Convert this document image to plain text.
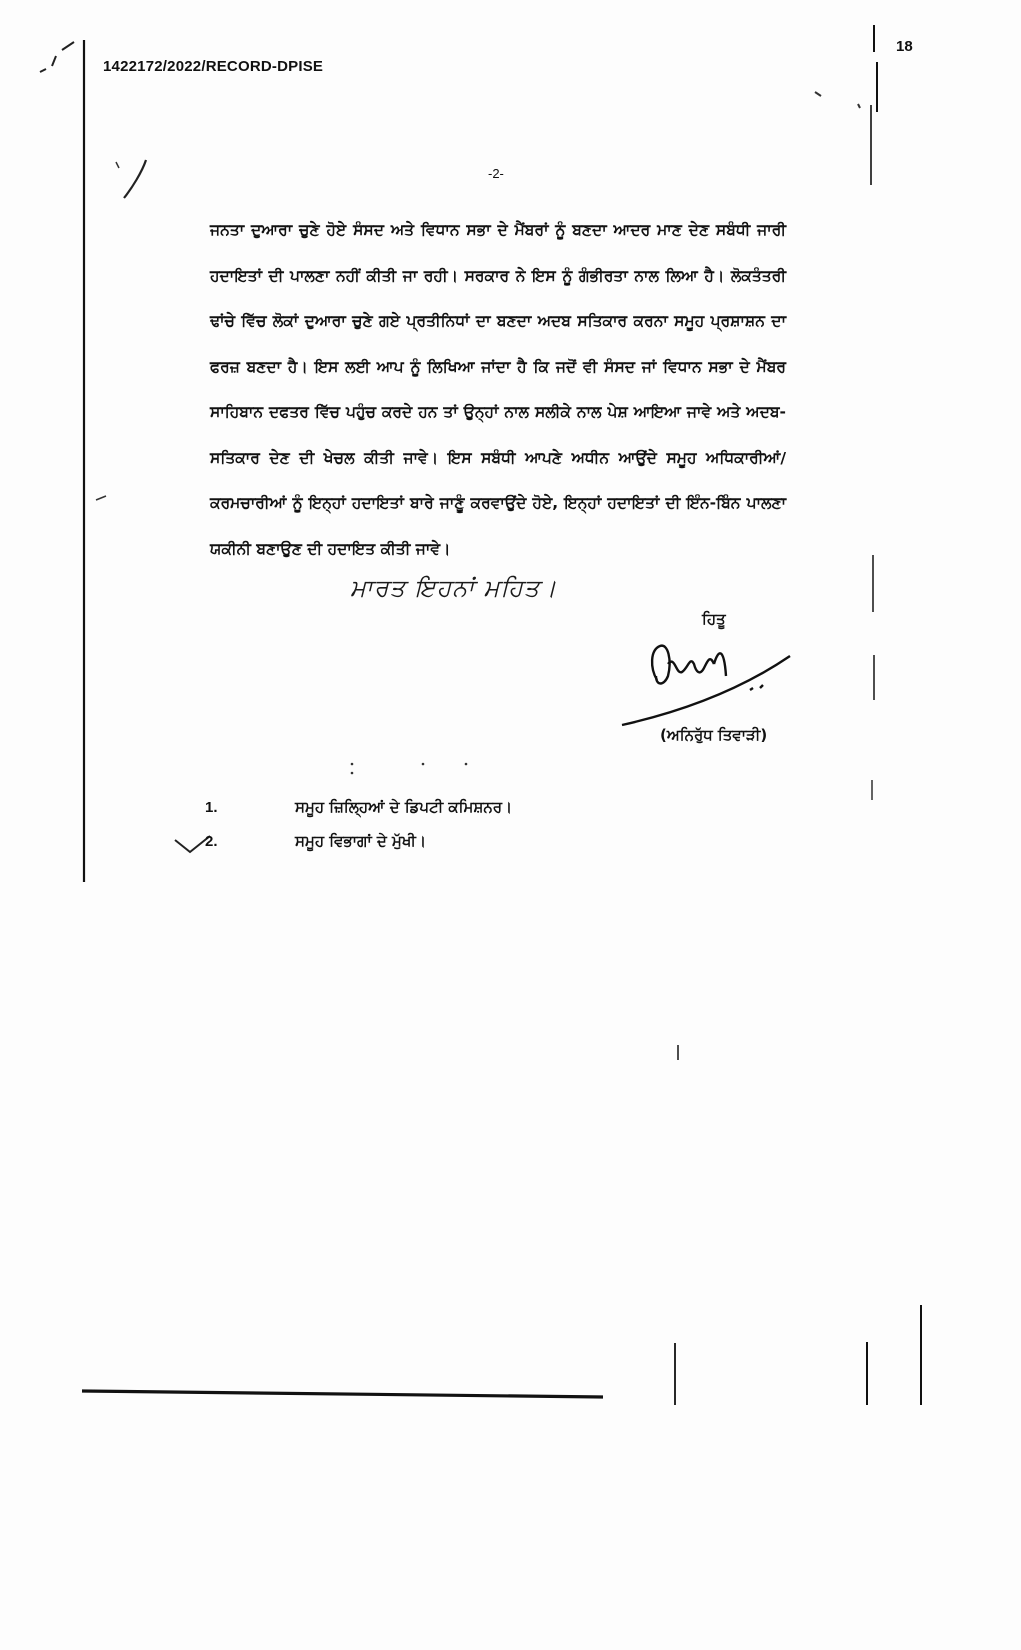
1422172/2022/RECORD-DPISE
18
-2-

ਜਨਤਾ ਦੁਆਰਾ ਚੁਣੇ ਹੋਏ ਸੰਸਦ ਅਤੇ ਵਿਧਾਨ ਸਭਾ ਦੇ ਮੈਂਬਰਾਂ ਨੂੰ ਬਣਦਾ ਆਦਰ ਮਾਣ ਦੇਣ ਸਬੰਧੀ ਜਾਰੀ ਹਦਾਇਤਾਂ ਦੀ ਪਾਲਣਾ ਨਹੀਂ ਕੀਤੀ ਜਾ ਰਹੀ। ਸਰਕਾਰ ਨੇ ਇਸ ਨੂੰ ਗੰਭੀਰਤਾ ਨਾਲ ਲਿਆ ਹੈ। ਲੋਕਤੰਤਰੀ ਢਾਂਚੇ ਵਿੱਚ ਲੋਕਾਂ ਦੁਆਰਾ ਚੁਣੇ ਗਏ ਪ੍ਰਤੀਨਿਧਾਂ ਦਾ ਬਣਦਾ ਅਦਬ ਸਤਿਕਾਰ ਕਰਨਾ ਸਮੂਹ ਪ੍ਰਸ਼ਾਸ਼ਨ ਦਾ ਫਰਜ਼ ਬਣਦਾ ਹੈ। ਇਸ ਲਈ ਆਪ ਨੂੰ ਲਿਖਿਆ ਜਾਂਦਾ ਹੈ ਕਿ ਜਦੋਂ ਵੀ ਸੰਸਦ ਜਾਂ ਵਿਧਾਨ ਸਭਾ ਦੇ ਮੈਂਬਰ ਸਾਹਿਬਾਨ ਦਫਤਰ ਵਿੱਚ ਪਹੁੰਚ ਕਰਦੇ ਹਨ ਤਾਂ ਉਨ੍ਹਾਂ ਨਾਲ ਸਲੀਕੇ ਨਾਲ ਪੇਸ਼ ਆਇਆ ਜਾਵੇ ਅਤੇ ਅਦਬ-ਸਤਿਕਾਰ ਦੇਣ ਦੀ ਖੇਚਲ ਕੀਤੀ ਜਾਵੇ। ਇਸ ਸਬੰਧੀ ਆਪਣੇ ਅਧੀਨ ਆਉਂਦੇ ਸਮੂਹ ਅਧਿਕਾਰੀਆਂ/ਕਰਮਚਾਰੀਆਂ ਨੂੰ ਇਨ੍ਹਾਂ ਹਦਾਇਤਾਂ ਬਾਰੇ ਜਾਣੂੰ ਕਰਵਾਉਂਦੇ ਹੋਏ, ਇਨ੍ਹਾਂ ਹਦਾਇਤਾਂ ਦੀ ਇੰਨ-ਬਿੰਨ ਪਾਲਣਾ ਯਕੀਨੀ ਬਣਾਉਣ ਦੀ ਹਦਾਇਤ ਕੀਤੀ ਜਾਵੇ।

ਮਾਰਤ ਇਹਨਾਂ ਮਹਿਤ।
ਹਿਤੂ
(ਅਨਿਰੁੱਧ ਤਿਵਾੜੀ)
1.	ਸਮੂਹ ਜ਼ਿਲ੍ਹਿਆਂ ਦੇ ਡਿਪਟੀ ਕਮਿਸ਼ਨਰ।
2.	ਸਮੂਹ ਵਿਭਾਗਾਂ ਦੇ ਮੁੱਖੀ।
